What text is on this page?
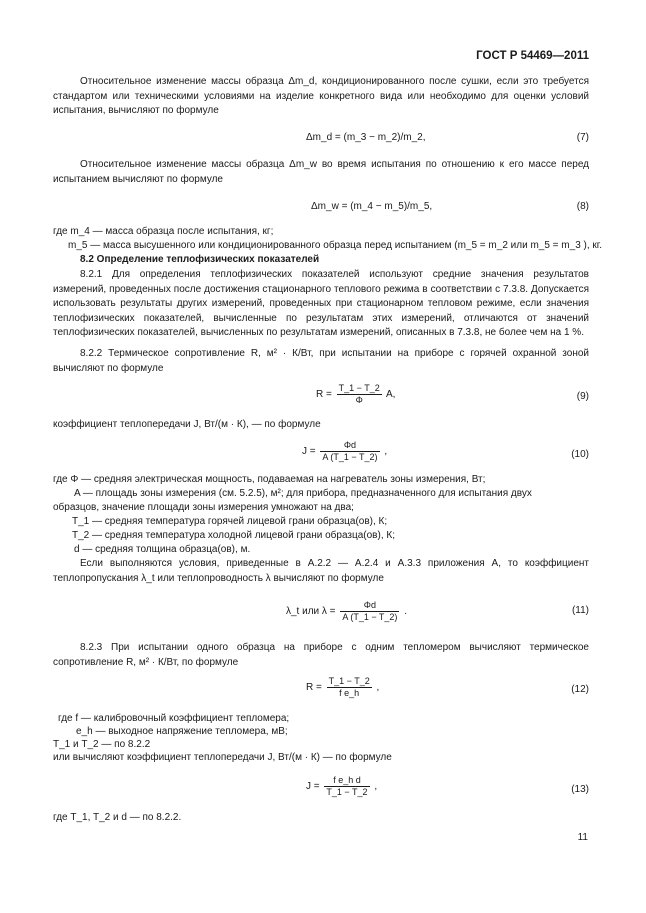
ГОСТ Р 54469—2011
Относительное изменение массы образца Δm_d, кондиционированного после сушки, если это требуется стандартом или техническими условиями на изделие конкретного вида или необходимо для оценки условий испытания, вычисляют по формуле
Δm_d = (m_3 − m_2)/m_2,	(7)
Относительное изменение массы образца Δm_w во время испытания по отношению к его массе перед испытанием вычисляют по формуле
Δm_w = (m_4 − m_5)/m_5,	(8)
где m_4 — масса образца после испытания, кг;
m_5 — масса высушенного или кондиционированного образца перед испытанием (m_5 = m_2 или m_5 = m_3 ), кг.
8.2 Определение теплофизических показателей
8.2.1 Для определения теплофизических показателей используют средние значения результатов измерений, проведенных после достижения стационарного теплового режима в соответствии с 7.3.8. Допускается использовать результаты других измерений, проведенных при стационарном тепловом режиме, если значения теплофизических показателей, вычисленные по результатам этих измерений, отличаются от значений теплофизических показателей, вычисленных по результатам измерений, описанных в 7.3.8, не более чем на 1 %.
8.2.2 Термическое сопротивление R, м² · К/Вт, при испытании на приборе с горячей охранной зоной вычисляют по формуле
$R = \frac{T\_1 - T\_2}{\Phi} A$,	(9)
коэффициент теплопередачи J, Вт/(м · К), — по формуле
$J = \frac{\Phi d}{A (T\_1 - T\_2)}$ ,	(10)
где Φ — средняя электрическая мощность, подаваемая на нагреватель зоны измерения, Вт;
A — площадь зоны измерения (см. 5.2.5), м²; для прибора, предназначенного для испытания двух
образцов, значение площади зоны измерения умножают на два;
T_1 — средняя температура горячей лицевой грани образца(ов), К;
T_2 — средняя температура холодной лицевой грани образца(ов), К;
d — средняя толщина образца(ов), м.
Если выполняются условия, приведенные в А.2.2 — А.2.4 и А.3.3 приложения А, то коэффициент теплопропускания λ_t или теплопроводность λ вычисляют по формуле
λ_t или $\lambda = \frac{\Phi d}{A (T\_1 - T\_2)}$ .	(11)
8.2.3 При испытании одного образца на приборе с одним тепломером вычисляют термическое сопротивление R, м² · К/Вт, по формуле
$R = \frac{T\_1 - T\_2}{\text{f e\_h}}$ ,	(12)
где f — калибровочный коэффициент тепломера;
e_h — выходное напряжение тепломера, мВ;
T_1 и T_2 — по 8.2.2
или вычисляют коэффициент теплопередачи J, Вт/(м · К) — по формуле
$J = \frac{\text{f e\_h d}}{T\_1 - T\_2}$ ,	(13)
где T_1, T_2 и d — по 8.2.2.
11
